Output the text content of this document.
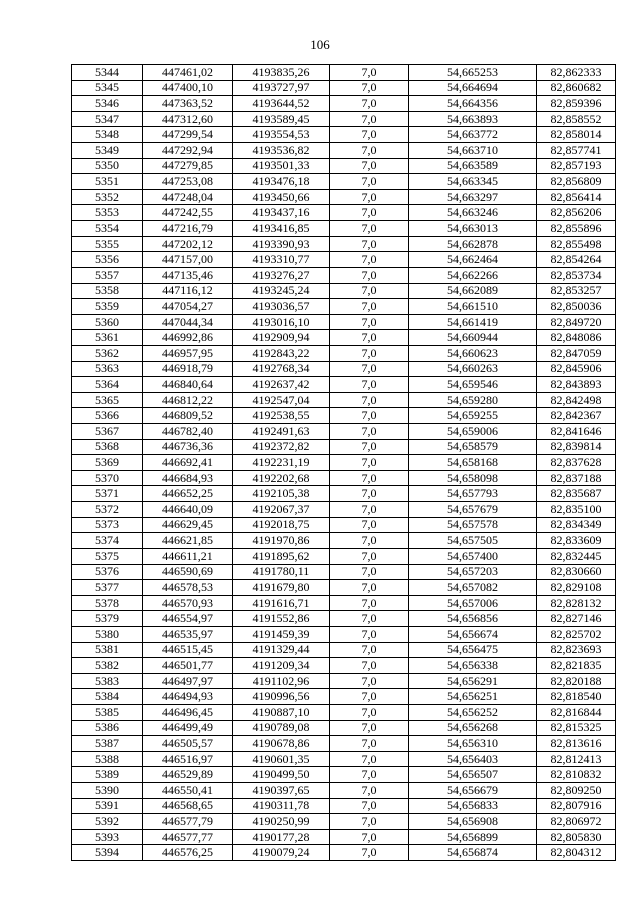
106
5344	447461,02	4193835,26	7,0	54,665253	82,862333
5345	447400,10	4193727,97	7,0	54,664694	82,860682
5346	447363,52	4193644,52	7,0	54,664356	82,859396
5347	447312,60	4193589,45	7,0	54,663893	82,858552
5348	447299,54	4193554,53	7,0	54,663772	82,858014
5349	447292,94	4193536,82	7,0	54,663710	82,857741
5350	447279,85	4193501,33	7,0	54,663589	82,857193
5351	447253,08	4193476,18	7,0	54,663345	82,856809
5352	447248,04	4193450,66	7,0	54,663297	82,856414
5353	447242,55	4193437,16	7,0	54,663246	82,856206
5354	447216,79	4193416,85	7,0	54,663013	82,855896
5355	447202,12	4193390,93	7,0	54,662878	82,855498
5356	447157,00	4193310,77	7,0	54,662464	82,854264
5357	447135,46	4193276,27	7,0	54,662266	82,853734
5358	447116,12	4193245,24	7,0	54,662089	82,853257
5359	447054,27	4193036,57	7,0	54,661510	82,850036
5360	447044,34	4193016,10	7,0	54,661419	82,849720
5361	446992,86	4192909,94	7,0	54,660944	82,848086
5362	446957,95	4192843,22	7,0	54,660623	82,847059
5363	446918,79	4192768,34	7,0	54,660263	82,845906
5364	446840,64	4192637,42	7,0	54,659546	82,843893
5365	446812,22	4192547,04	7,0	54,659280	82,842498
5366	446809,52	4192538,55	7,0	54,659255	82,842367
5367	446782,40	4192491,63	7,0	54,659006	82,841646
5368	446736,36	4192372,82	7,0	54,658579	82,839814
5369	446692,41	4192231,19	7,0	54,658168	82,837628
5370	446684,93	4192202,68	7,0	54,658098	82,837188
5371	446652,25	4192105,38	7,0	54,657793	82,835687
5372	446640,09	4192067,37	7,0	54,657679	82,835100
5373	446629,45	4192018,75	7,0	54,657578	82,834349
5374	446621,85	4191970,86	7,0	54,657505	82,833609
5375	446611,21	4191895,62	7,0	54,657400	82,832445
5376	446590,69	4191780,11	7,0	54,657203	82,830660
5377	446578,53	4191679,80	7,0	54,657082	82,829108
5378	446570,93	4191616,71	7,0	54,657006	82,828132
5379	446554,97	4191552,86	7,0	54,656856	82,827146
5380	446535,97	4191459,39	7,0	54,656674	82,825702
5381	446515,45	4191329,44	7,0	54,656475	82,823693
5382	446501,77	4191209,34	7,0	54,656338	82,821835
5383	446497,97	4191102,96	7,0	54,656291	82,820188
5384	446494,93	4190996,56	7,0	54,656251	82,818540
5385	446496,45	4190887,10	7,0	54,656252	82,816844
5386	446499,49	4190789,08	7,0	54,656268	82,815325
5387	446505,57	4190678,86	7,0	54,656310	82,813616
5388	446516,97	4190601,35	7,0	54,656403	82,812413
5389	446529,89	4190499,50	7,0	54,656507	82,810832
5390	446550,41	4190397,65	7,0	54,656679	82,809250
5391	446568,65	4190311,78	7,0	54,656833	82,807916
5392	446577,79	4190250,99	7,0	54,656908	82,806972
5393	446577,77	4190177,28	7,0	54,656899	82,805830
5394	446576,25	4190079,24	7,0	54,656874	82,804312
